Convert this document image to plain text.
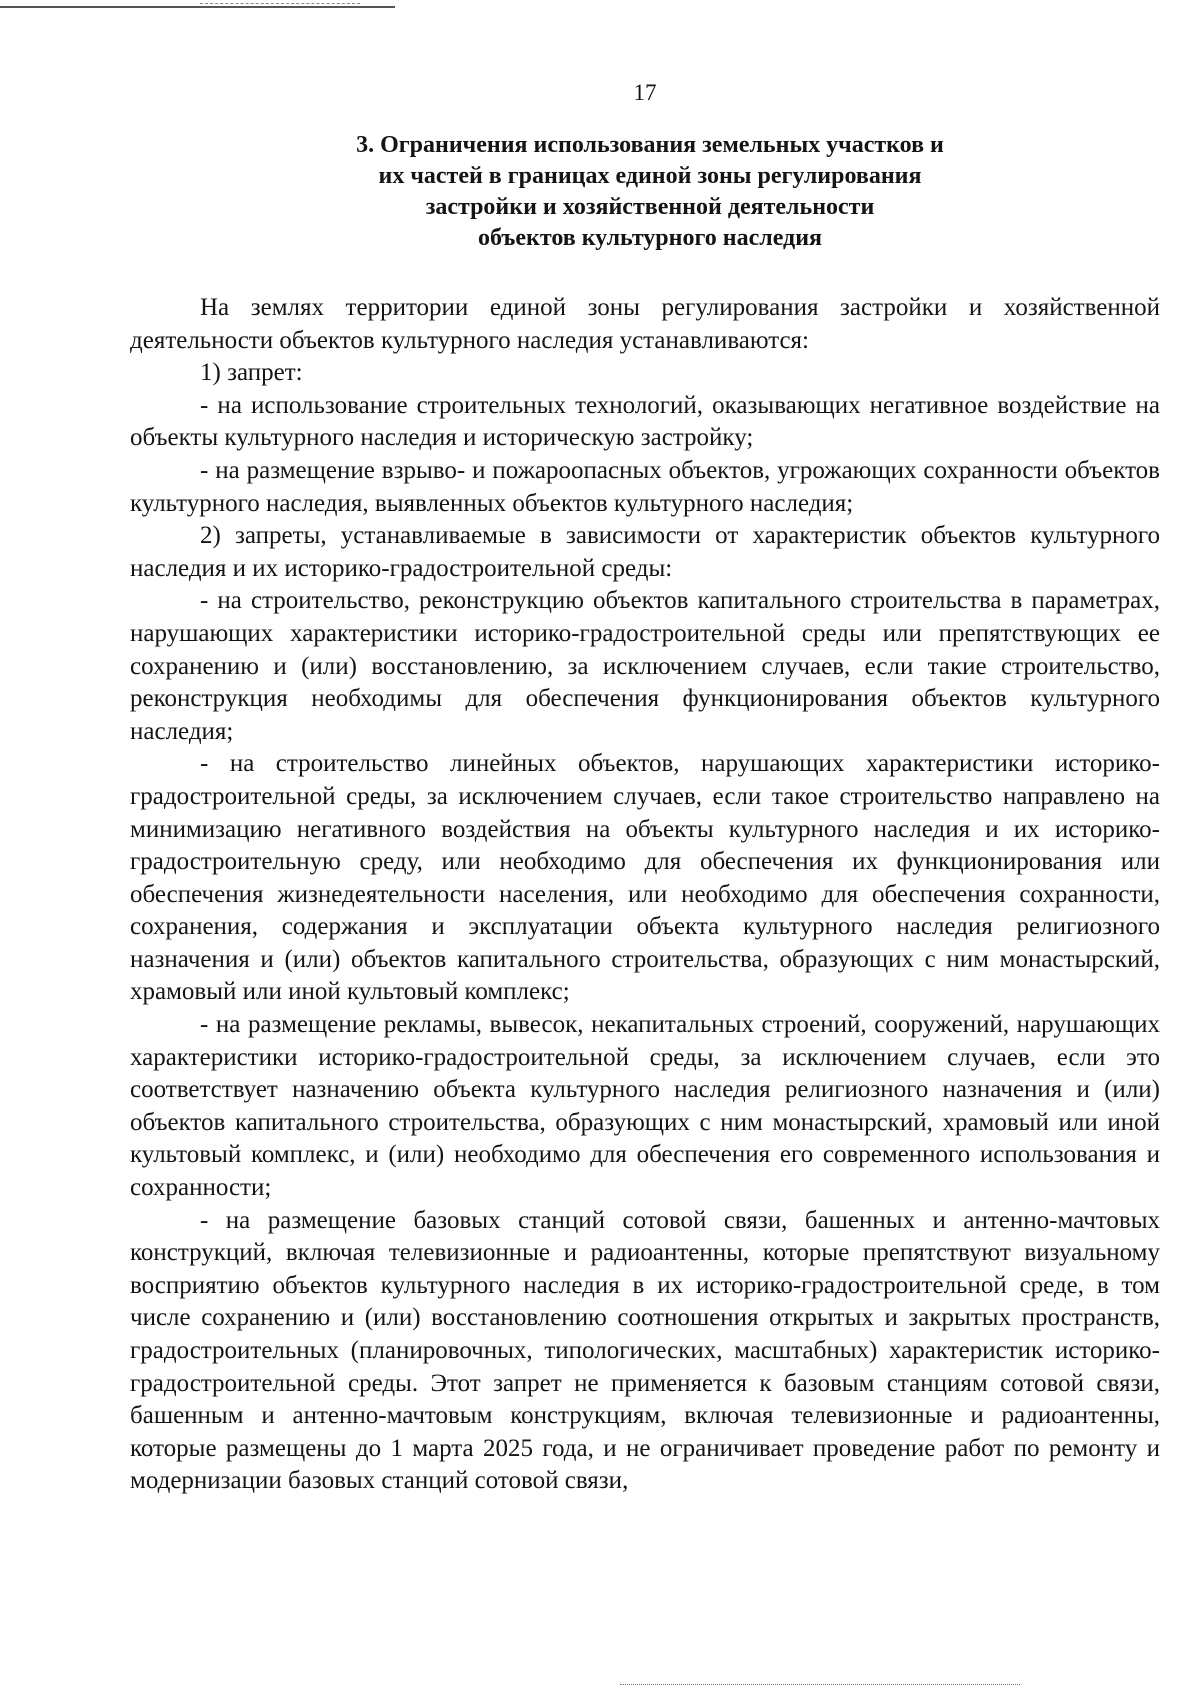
17
3. Ограничения использования земельных участков и
их частей в границах единой зоны регулирования
застройки и хозяйственной деятельности
объектов культурного наследия

На землях территории единой зоны регулирования застройки и хозяйственной деятельности объектов культурного наследия устанавливаются:

1) запрет:

- на использование строительных технологий, оказывающих негативное воздействие на объекты культурного наследия и историческую застройку;

- на размещение взрыво- и пожароопасных объектов, угрожающих сохранности объектов культурного наследия, выявленных объектов культурного наследия;

2) запреты, устанавливаемые в зависимости от характеристик объектов культурного наследия и их историко-градостроительной среды:

- на строительство, реконструкцию объектов капитального строительства в параметрах, нарушающих характеристики историко-градостроительной среды или препятствующих ее сохранению и (или) восстановлению, за исключением случаев, если такие строительство, реконструкция необходимы для обеспечения функционирования объектов культурного наследия;

- на строительство линейных объектов, нарушающих характеристики историко-градостроительной среды, за исключением случаев, если такое строительство направлено на минимизацию негативного воздействия на объекты культурного наследия и их историко-градостроительную среду, или необходимо для обеспечения их функционирования или обеспечения жизнедеятельности населения, или необходимо для обеспечения сохранности, сохранения, содержания и эксплуатации объекта культурного наследия религиозного назначения и (или) объектов капитального строительства, образующих с ним монастырский, храмовый или иной культовый комплекс;

- на размещение рекламы, вывесок, некапитальных строений, сооружений, нарушающих характеристики историко-градостроительной среды, за исключением случаев, если это соответствует назначению объекта культурного наследия религиозного назначения и (или) объектов капитального строительства, образующих с ним монастырский, храмовый или иной культовый комплекс, и (или) необходимо для обеспечения его современного использования и сохранности;

- на размещение базовых станций сотовой связи, башенных и антенно-мачтовых конструкций, включая телевизионные и радиоантенны, которые препятствуют визуальному восприятию объектов культурного наследия в их историко-градостроительной среде, в том числе сохранению и (или) восстановлению соотношения открытых и закрытых пространств, градостроительных (планировочных, типологических, масштабных) характеристик историко-градостроительной среды. Этот запрет не применяется к базовым станциям сотовой связи, башенным и антенно-мачтовым конструкциям, включая телевизионные и радиоантенны, которые размещены до 1 марта 2025 года, и не ограничивает проведение работ по ремонту и модернизации базовых станций сотовой связи,
